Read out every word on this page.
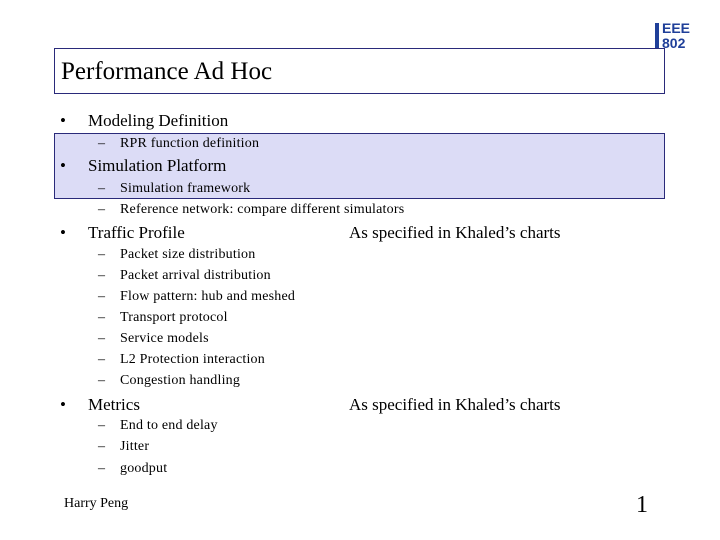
EEE
802
Performance Ad Hoc
• Modeling Definition
– RPR function definition
• Simulation Platform
– Simulation framework
– Reference network: compare different simulators
• Traffic Profile	As specified in Khaled’s charts
– Packet size distribution
– Packet arrival distribution
– Flow pattern: hub and meshed
– Transport protocol
– Service models
– L2 Protection interaction
– Congestion handling
• Metrics	As specified in Khaled’s charts
– End to end delay
– Jitter
– goodput
Harry Peng	1
